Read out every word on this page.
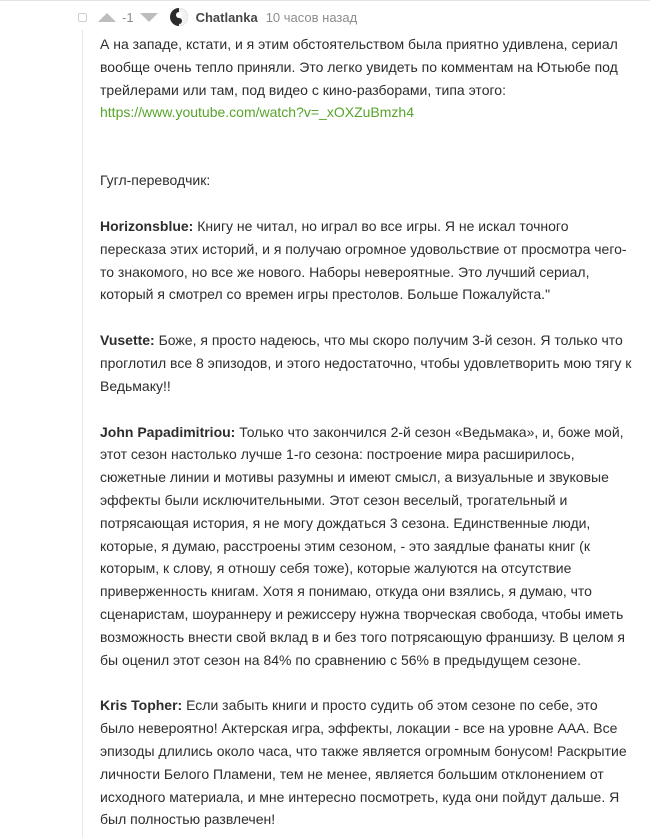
-1	Chatlanka 10 часов назад

А на западе, кстати, и я этим обстоятельством была приятно удивлена, сериал вообще очень тепло приняли. Это легко увидеть по комментам на Ютьюбе под трейлерами или там, под видео с кино-разборами, типа этого:

https://www.youtube.com/watch?v=_xOXZuBmzh4

Гугл-переводчик:

Horizonsblue: Книгу не читал, но играл во все игры. Я не искал точного пересказа этих историй, и я получаю огромное удовольствие от просмотра чего-то знакомого, но все же нового. Наборы невероятные. Это лучший сериал, который я смотрел со времен игры престолов. Больше Пожалуйста."

Vusette: Боже, я просто надеюсь, что мы скоро получим 3-й сезон. Я только что проглотил все 8 эпизодов, и этого недостаточно, чтобы удовлетворить мою тягу к Ведьмаку!!

John Papadimitriou: Только что закончился 2-й сезон «Ведьмака», и, боже мой, этот сезон настолько лучше 1-го сезона: построение мира расширилось, сюжетные линии и мотивы разумны и имеют смысл, а визуальные и звуковые эффекты были исключительными. Этот сезон веселый, трогательный и потрясающая история, я не могу дождаться 3 сезона. Единственные люди, которые, я думаю, расстроены этим сезоном, - это заядлые фанаты книг (к которым, к слову, я отношу себя тоже), которые жалуются на отсутствие приверженность книгам. Хотя я понимаю, откуда они взялись, я думаю, что сценаристам, шоураннеру и режиссеру нужна творческая свобода, чтобы иметь возможность внести свой вклад в и без того потрясающую франшизу. В целом я бы оценил этот сезон на 84% по сравнению с 56% в предыдущем сезоне.

Kris Topher: Если забыть книги и просто судить об этом сезоне по себе, это было невероятно! Актерская игра, эффекты, локации - все на уровне AAA. Все эпизоды длились около часа, что также является огромным бонусом! Раскрытие личности Белого Пламени, тем не менее, является большим отклонением от исходного материала, и мне интересно посмотреть, куда они пойдут дальше. Я был полностью развлечен!
